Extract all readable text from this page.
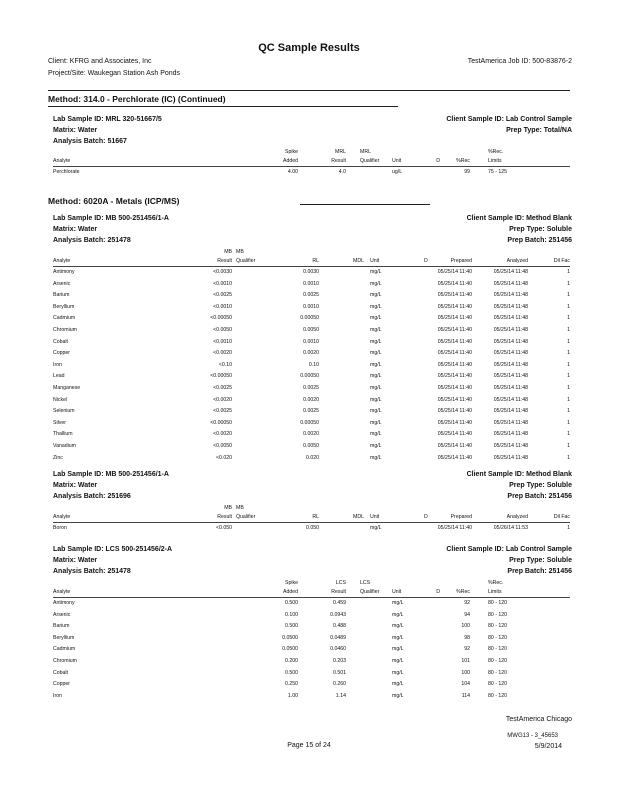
QC Sample Results
Client: KFRG and Associates, Inc
Project/Site: Waukegan Station Ash Ponds
TestAmerica Job ID: 500-83876-2
Method: 314.0 - Perchlorate (IC) (Continued)
Lab Sample ID: MRL 320-51667/5
Matrix: Water
Analysis Batch: 51667
Client Sample ID: Lab Control Sample
Prep Type: Total/NA
Spike	MRL	MRL	%Rec.
Analyte	Added	Result	Qualifier Unit	D	%Rec	Limits
Perchlorate	4.00	4.0	ug/L	99	75 - 125
Method: 6020A - Metals (ICP/MS)
Lab Sample ID: MB 500-251456/1-A
Matrix: Water
Analysis Batch: 251478
Client Sample ID: Method Blank
Prep Type: Soluble
Prep Batch: 251456
MB MB
Analyte	Result Qualifier	RL	MDL Unit	D	Prepared	Analyzed	Dil Fac
Antimony	<0.0030	0.0030	mg/L	05/25/14 11:40	05/25/14 11:48	1
Arsenic	<0.0010	0.0010	mg/L	05/25/14 11:40	05/25/14 11:48	1
Barium	<0.0025	0.0025	mg/L	05/25/14 11:40	05/25/14 11:48	1
Beryllium	<0.0010	0.0010	mg/L	05/25/14 11:40	05/25/14 11:48	1
Cadmium	<0.00050	0.00050	mg/L	05/25/14 11:40	05/25/14 11:48	1
Chromium	<0.0050	0.0050	mg/L	05/25/14 11:40	05/25/14 11:48	1
Cobalt	<0.0010	0.0010	mg/L	05/25/14 11:40	05/25/14 11:48	1
Copper	<0.0020	0.0020	mg/L	05/25/14 11:40	05/25/14 11:48	1
Iron	<0.10	0.10	mg/L	05/25/14 11:40	05/25/14 11:48	1
Lead	<0.00050	0.00050	mg/L	05/25/14 11:40	05/25/14 11:48	1
Manganese	<0.0025	0.0025	mg/L	05/25/14 11:40	05/25/14 11:48	1
Nickel	<0.0020	0.0020	mg/L	05/25/14 11:40	05/25/14 11:48	1
Selenium	<0.0025	0.0025	mg/L	05/25/14 11:40	05/25/14 11:48	1
Silver	<0.00050	0.00050	mg/L	05/25/14 11:40	05/25/14 11:48	1
Thallium	<0.0020	0.0020	mg/L	05/25/14 11:40	05/25/14 11:48	1
Vanadium	<0.0050	0.0050	mg/L	05/25/14 11:40	05/25/14 11:48	1
Zinc	<0.020	0.020	mg/L	05/25/14 11:40	05/25/14 11:48	1
Lab Sample ID: MB 500-251456/1-A
Matrix: Water
Analysis Batch: 251696
Client Sample ID: Method Blank
Prep Type: Soluble
Prep Batch: 251456
MB MB
Analyte	Result Qualifier	RL	MDL Unit	D	Prepared	Analyzed	Dil Fac
Boron	<0.050	0.050	mg/L	05/25/14 11:40	05/26/14 11:53	1
Lab Sample ID: LCS 500-251456/2-A
Matrix: Water
Analysis Batch: 251478
Client Sample ID: Lab Control Sample
Prep Type: Soluble
Prep Batch: 251456
Spike	LCS	LCS	%Rec.
Analyte	Added	Result	Qualifier Unit	D	%Rec	Limits
Antimony	0.500	0.459	mg/L	92	80 - 120
Arsenic	0.100	0.0943	mg/L	94	80 - 120
Barium	0.500	0.488	mg/L	100	80 - 120
Beryllium	0.0500	0.0489	mg/L	98	80 - 120
Cadmium	0.0500	0.0460	mg/L	92	80 - 120
Chromium	0.200	0.203	mg/L	101	80 - 120
Cobalt	0.500	0.501	mg/L	100	80 - 120
Copper	0.250	0.260	mg/L	104	80 - 120
Iron	1.00	1.14	mg/L	114	80 - 120
TestAmerica Chicago
Page 15 of 24
MWG13 - 3_45653
5/9/2014
